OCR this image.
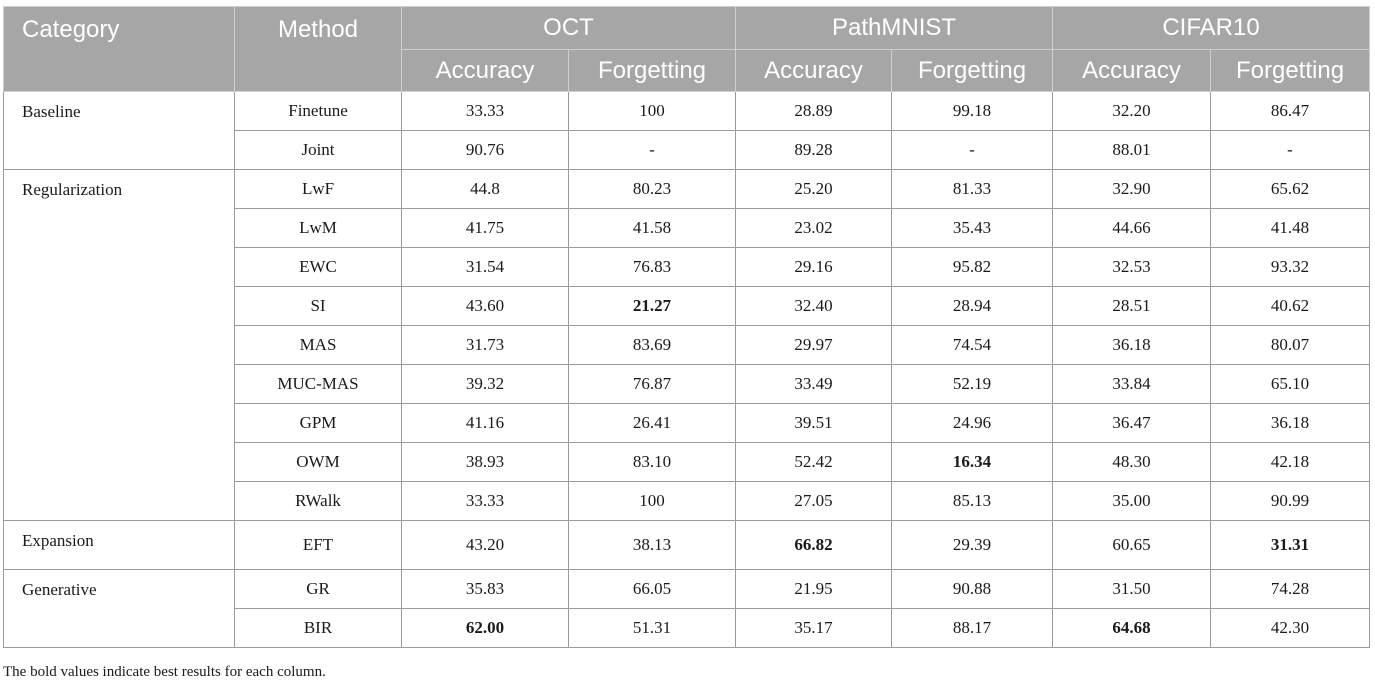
Category	Method	OCT		PathMNIST		CIFAR10	
		Accuracy	Forgetting	Accuracy	Forgetting	Accuracy	Forgetting
Baseline	Finetune	33.33	100	28.89	99.18	32.20	86.47
	Joint	90.76	-	89.28	-	88.01	-
Regularization	LwF	44.8	80.23	25.20	81.33	32.90	65.62
	LwM	41.75	41.58	23.02	35.43	44.66	41.48
	EWC	31.54	76.83	29.16	95.82	32.53	93.32
	SI	43.60	21.27	32.40	28.94	28.51	40.62
	MAS	31.73	83.69	29.97	74.54	36.18	80.07
	MUC-MAS	39.32	76.87	33.49	52.19	33.84	65.10
	GPM	41.16	26.41	39.51	24.96	36.47	36.18
	OWM	38.93	83.10	52.42	16.34	48.30	42.18
	RWalk	33.33	100	27.05	85.13	35.00	90.99
Expansion	EFT	43.20	38.13	66.82	29.39	60.65	31.31
Generative	GR	35.83	66.05	21.95	90.88	31.50	74.28
	BIR	62.00	51.31	35.17	88.17	64.68	42.30
The bold values indicate best results for each column.
